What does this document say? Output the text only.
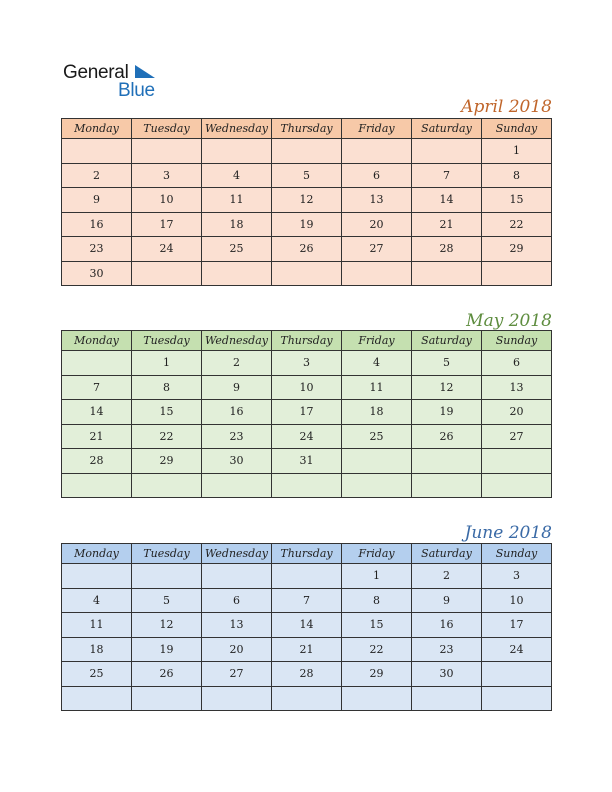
General
Blue
April 2018
Monday	Tuesday	Wednesday	Thursday	Friday	Saturday	Sunday
						1
2	3	4	5	6	7	8
9	10	11	12	13	14	15
16	17	18	19	20	21	22
23	24	25	26	27	28	29
30						
May 2018
Monday	Tuesday	Wednesday	Thursday	Friday	Saturday	Sunday
	1	2	3	4	5	6
7	8	9	10	11	12	13
14	15	16	17	18	19	20
21	22	23	24	25	26	27
28	29	30	31			

June 2018
Monday	Tuesday	Wednesday	Thursday	Friday	Saturday	Sunday
				1	2	3
4	5	6	7	8	9	10
11	12	13	14	15	16	17
18	19	20	21	22	23	24
25	26	27	28	29	30	
